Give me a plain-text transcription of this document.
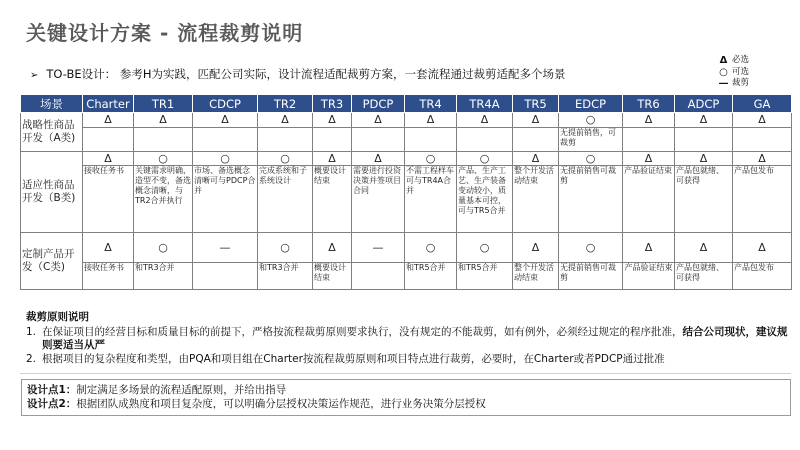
关键设计方案 - 流程裁剪说明
➢ TO-BE设计： 参考H为实践，匹配公司实际，设计流程适配裁剪方案，一套流程通过裁剪适配多个场景
Δ 必选
○ 可选
— 裁剪
场景	Charter	TR1	CDCP	TR2	TR3	PDCP	TR4	TR4A	TR5	EDCP	TR6	ADCP	GA
战略性商品开发（A类)	Δ	Δ	Δ	Δ	Δ	Δ	Δ	Δ	Δ	○	Δ	Δ	Δ
										无提前销售，可裁剪			
适应性商品开发（B类)	Δ	○	○	○	Δ	Δ	○	○	Δ	○	Δ	Δ	Δ
	接收任务书	关键需求明确，造型不变，备选概念清晰，与TR2合并执行	市场、备选概念清晰可与PDCP合并	完成系统和子系统设计	概要设计结束	需要进行投资决策并签项目合同	不需工程样车可与TR4A合并	产品、生产工艺、生产装备变动较小，质量基本可控，可与TR5合并	整个开发活动结束	无提前销售可裁剪	产品验证结束	产品包就绪、可获得	产品包发布
定制产品开发（C类)	Δ	○	—	○	Δ	—	○	○	Δ	○	Δ	Δ	Δ
	接收任务书	和TR3合并		和TR3合并	概要设计结束		和TR5合并	和TR5合并	整个开发活动结束	无提前销售可裁剪	产品验证结束	产品包就绪、可获得	产品包发布
裁剪原则说明
1. 在保证项目的经营目标和质量目标的前提下，严格按流程裁剪原则要求执行，没有规定的不能裁剪，如有例外，必须经过规定的程序批准，结合公司现状，建议规则要适当从严
2. 根据项目的复杂程度和类型，由PQA和项目组在Charter按流程裁剪原则和项目特点进行裁剪，必要时，在Charter或者PDCP通过批准
设计点1：制定满足多场景的流程适配原则，并给出指导
设计点2：根据团队成熟度和项目复杂度，可以明确分层授权决策运作规范，进行业务决策分层授权
